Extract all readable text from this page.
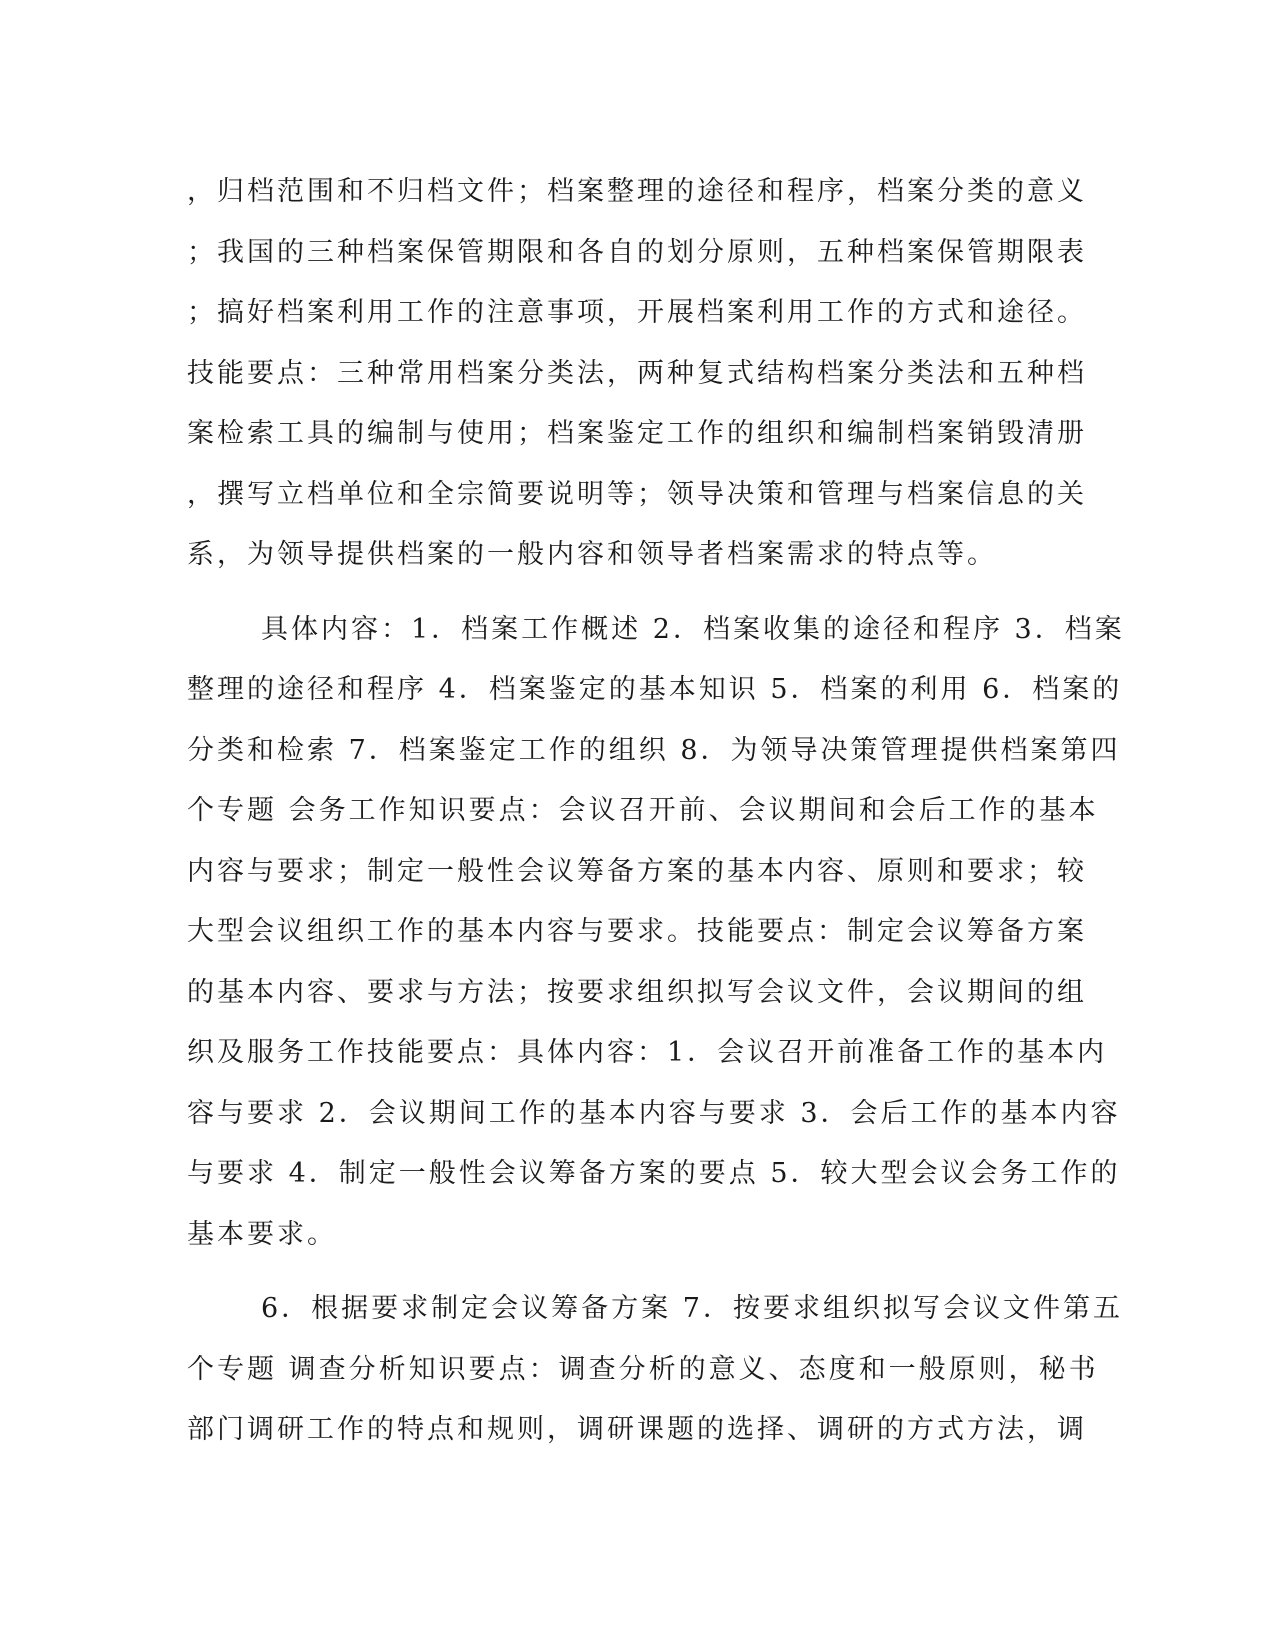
，归档范围和不归档文件；档案整理的途径和程序，档案分类的意义
；我国的三种档案保管期限和各自的划分原则，五种档案保管期限表
；搞好档案利用工作的注意事项，开展档案利用工作的方式和途径。
技能要点：三种常用档案分类法，两种复式结构档案分类法和五种档
案检索工具的编制与使用；档案鉴定工作的组织和编制档案销毁清册
，撰写立档单位和全宗简要说明等；领导决策和管理与档案信息的关
系，为领导提供档案的一般内容和领导者档案需求的特点等。
具体内容：1．档案工作概述 2．档案收集的途径和程序 3．档案
整理的途径和程序 4．档案鉴定的基本知识 5．档案的利用 6．档案的
分类和检索 7．档案鉴定工作的组织 8．为领导决策管理提供档案第四
个专题 会务工作知识要点：会议召开前、会议期间和会后工作的基本
内容与要求；制定一般性会议筹备方案的基本内容、原则和要求；较
大型会议组织工作的基本内容与要求。技能要点：制定会议筹备方案
的基本内容、要求与方法；按要求组织拟写会议文件，会议期间的组
织及服务工作技能要点：具体内容：1．会议召开前准备工作的基本内
容与要求 2．会议期间工作的基本内容与要求 3．会后工作的基本内容
与要求 4．制定一般性会议筹备方案的要点 5．较大型会议会务工作的
基本要求。
6．根据要求制定会议筹备方案 7．按要求组织拟写会议文件第五
个专题 调查分析知识要点：调查分析的意义、态度和一般原则，秘书
部门调研工作的特点和规则，调研课题的选择、调研的方式方法，调
